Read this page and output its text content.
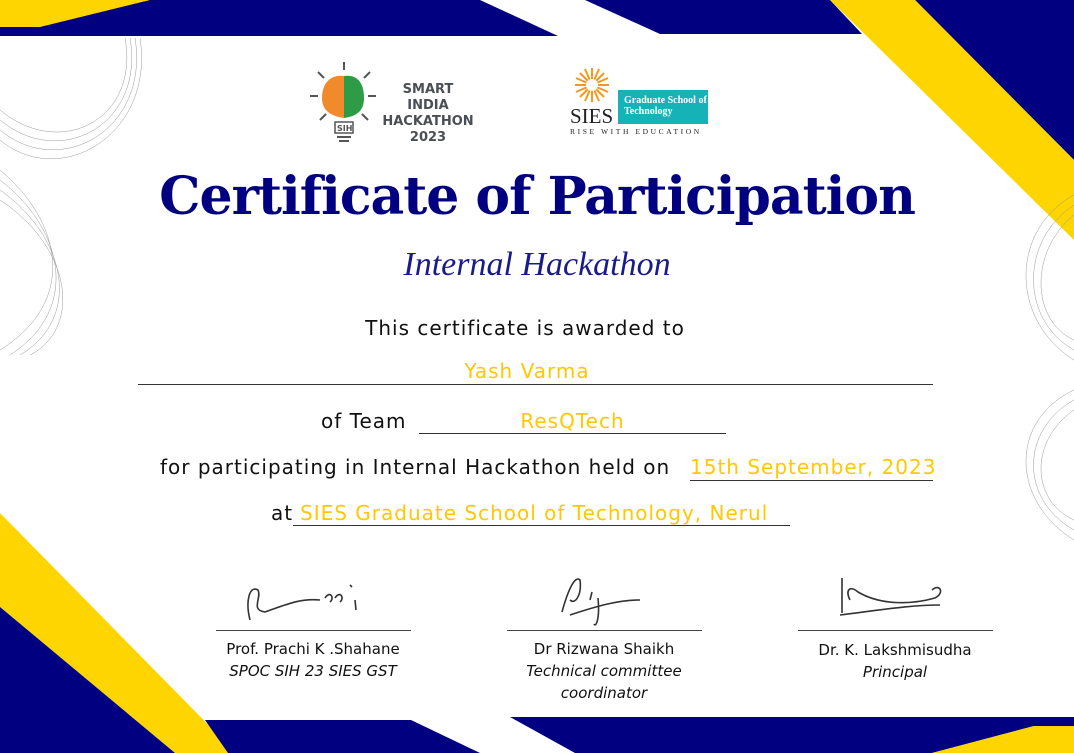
SIH
SMART INDIA
HACKATHON
2023
SIES
Graduate School of Technology
RISE WITH EDUCATION
Certificate of Participation
Internal Hackathon
This certificate is awarded to
Yash Varma
of Team	ResQTech
for participating in Internal Hackathon held on 15th September, 2023
at SIES Graduate School of Technology, Nerul
Prof. Prachi K .Shahane
SPOC SIH 23 SIES GST
Dr Rizwana Shaikh
Technical committee coordinator
Dr. K. Lakshmisudha
Principal
